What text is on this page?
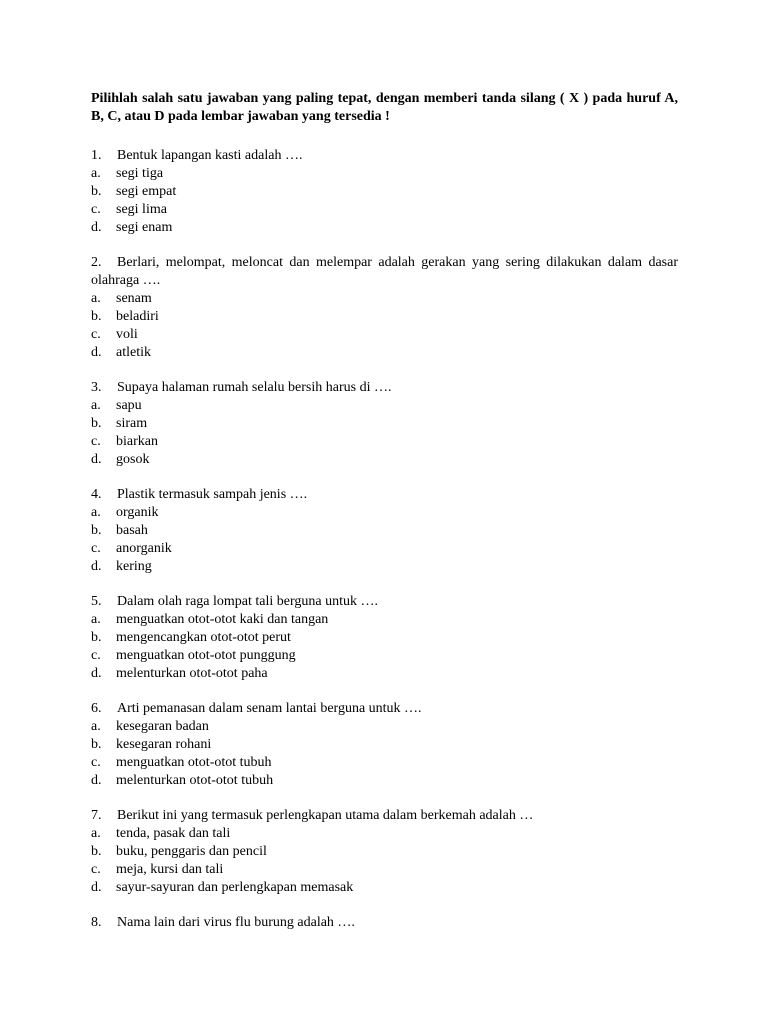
Pilihlah salah satu jawaban yang paling tepat, dengan memberi tanda silang ( X ) pada huruf A, B, C, atau D pada lembar jawaban yang tersedia !

1.	Bentuk lapangan kasti adalah ….
a.	segi tiga
b.	segi empat
c.	segi lima
d.	segi enam
2. Berlari, melompat, meloncat dan melempar adalah gerakan yang sering dilakukan dalam dasar olahraga ….
a.	senam
b.	beladiri
c.	voli
d.	atletik
3.	Supaya halaman rumah selalu bersih harus di ….
a.	sapu
b.	siram
c.	biarkan
d.	gosok
4.	Plastik termasuk sampah jenis ….
a.	organik
b.	basah
c.	anorganik
d.	kering
5.	Dalam olah raga lompat tali berguna untuk ….
a.	menguatkan otot-otot kaki dan tangan
b.	mengencangkan otot-otot perut
c.	menguatkan otot-otot punggung
d.	melenturkan otot-otot paha
6.	Arti pemanasan dalam senam lantai berguna untuk ….
a.	kesegaran badan
b.	kesegaran rohani
c.	menguatkan otot-otot tubuh
d.	melenturkan otot-otot tubuh
7.	Berikut ini yang termasuk perlengkapan utama dalam berkemah adalah …
a.	tenda, pasak dan tali
b.	buku, penggaris dan pencil
c.	meja, kursi dan tali
d.	sayur-sayuran dan perlengkapan memasak
8.	Nama lain dari virus flu burung adalah ….
